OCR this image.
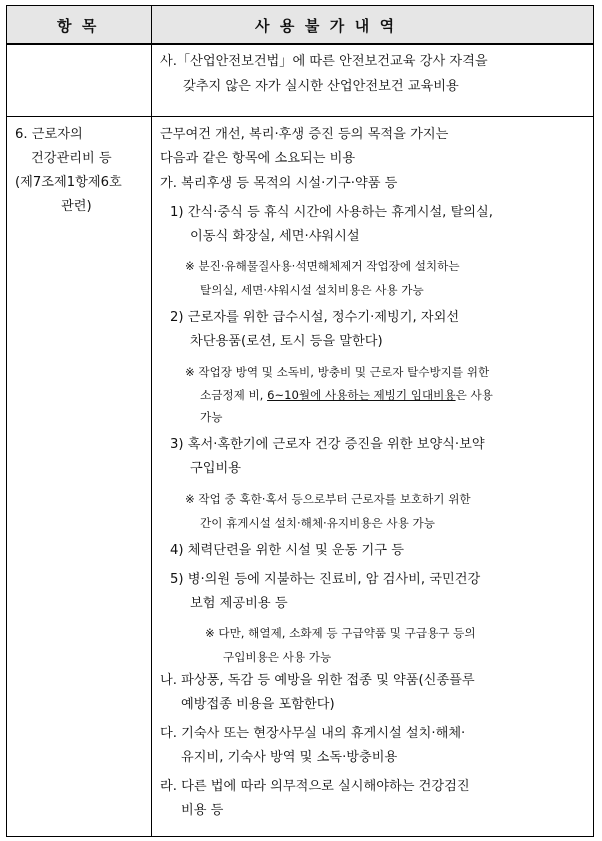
항  목	사  용  불  가  내  역
사.「산업안전보건법」에 따른 안전보건교육 강사 자격을
갖추지 않은 자가 실시한 산업안전보건 교육비용
6. 근로자의
건강관리비 등
(제7조제1항제6호
관련)
근무여건 개선, 복리·후생 증진 등의 목적을 가지는
다음과 같은 항목에 소요되는 비용
가. 복리후생 등 목적의 시설·기구·약품 등
1) 간식·중식 등 휴식 시간에 사용하는 휴게시설, 탈의실,
이동식 화장실, 세면·샤워시설
※ 분진·유해물질사용·석면해체제거 작업장에 설치하는
탈의실, 세면·샤워시설 설치비용은 사용 가능
2) 근로자를 위한 급수시설, 정수기·제빙기, 자외선
차단용품(로션, 토시 등을 말한다)
※ 작업장 방역 및 소독비, 방충비 및 근로자 탈수방지를 위한
소금정제 비, 6~10월에 사용하는 제빙기 임대비용은 사용
가능
3) 혹서·혹한기에 근로자 건강 증진을 위한 보양식·보약
구입비용
※ 작업 중 혹한·혹서 등으로부터 근로자를 보호하기 위한
간이 휴게시설 설치·해체·유지비용은 사용 가능
4) 체력단련을 위한 시설 및 운동 기구 등
5) 병·의원 등에 지불하는 진료비, 암 검사비, 국민건강
보험 제공비용 등
※ 다만, 해열제, 소화제 등 구급약품 및 구급용구 등의
구입비용은 사용 가능
나. 파상풍, 독감 등 예방을 위한 접종 및 약품(신종플루
예방접종 비용을 포함한다)
다. 기숙사 또는 현장사무실 내의 휴게시설 설치·해체·
유지비, 기숙사 방역 및 소독·방충비용
라. 다른 법에 따라 의무적으로 실시해야하는 건강검진
비용 등
